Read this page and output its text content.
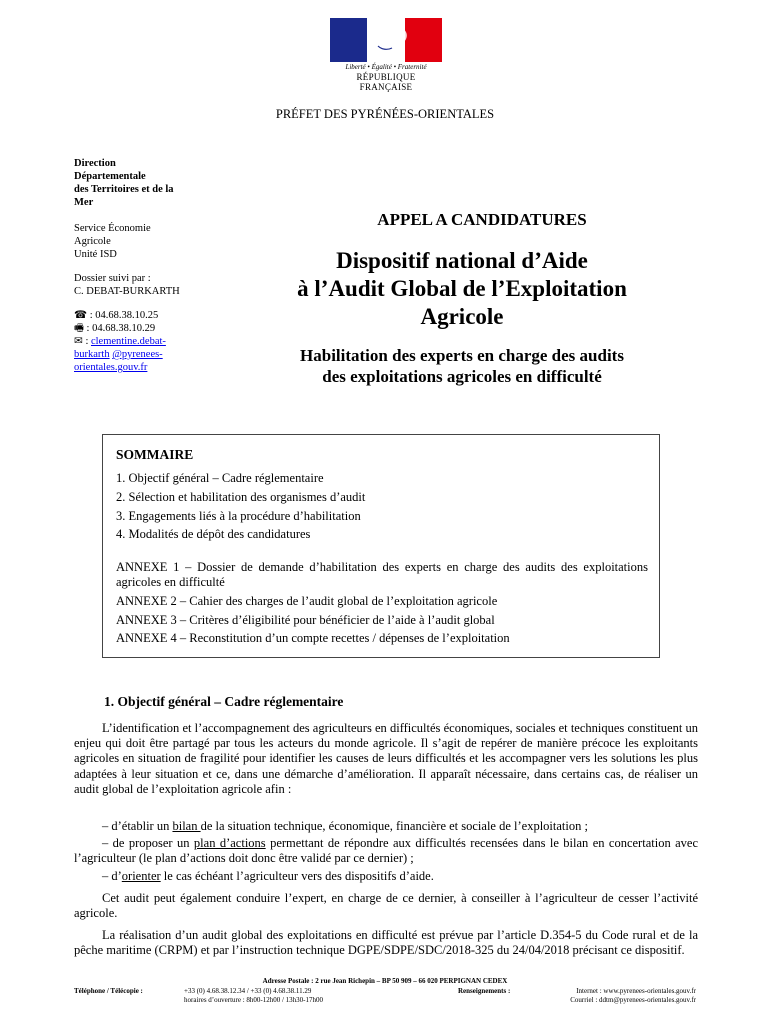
Liberté • Égalité • Fraternité
RÉPUBLIQUE FRANÇAISE
PRÉFET DES PYRÉNÉES-ORIENTALES
Direction
Départementale
des Territoires et de la
Mer
Service Économie
Agricole
Unité ISD
Dossier suivi par :
C. DEBAT-BURKARTH
☎ : 04.68.38.10.25
🖷 : 04.68.38.10.29
✉ : clementine.debat-
burkarth @pyrenees-
orientales.gouv.fr
APPEL A CANDIDATURES
Dispositif national d’Aide
à l’Audit Global de l’Exploitation
Agricole
Habilitation des experts en charge des audits
des exploitations agricoles en difficulté
SOMMAIRE
1. Objectif général – Cadre réglementaire
2. Sélection et habilitation des organismes d’audit
3. Engagements liés à la procédure d’habilitation
4. Modalités de dépôt des candidatures
ANNEXE 1 – Dossier de demande d’habilitation des experts en charge des audits des exploitations agricoles en difficulté
ANNEXE 2 – Cahier des charges de l’audit global de l’exploitation agricole
ANNEXE 3 – Critères d’éligibilité pour bénéficier de l’aide à l’audit global
ANNEXE 4 – Reconstitution d’un compte recettes / dépenses de l’exploitation
1. Objectif général – Cadre réglementaire
L’identification et l’accompagnement des agriculteurs en difficultés économiques, sociales et techniques constituent un enjeu qui doit être partagé par tous les acteurs du monde agricole. Il s’agit de repérer de manière précoce les exploitants agricoles en situation de fragilité pour identifier les causes de leurs difficultés et les accompagner vers les solutions les plus adaptées à leur situation et ce, dans une démarche d’amélioration. Il apparaît nécessaire, dans certains cas, de réaliser un audit global de l’exploitation agricole afin :
– d’établir un bilan de la situation technique, économique, financière et sociale de l’exploitation ;
– de proposer un plan d’actions permettant de répondre aux difficultés recensées dans le bilan en concertation avec l’agriculteur (le plan d’actions doit donc être validé par ce dernier) ;
– d’orienter le cas échéant l’agriculteur vers des dispositifs d’aide.
Cet audit peut également conduire l’expert, en charge de ce dernier, à conseiller à l’agriculteur de cesser l’activité agricole.
La réalisation d’un audit global des exploitations en difficulté est prévue par l’article D.354-5 du Code rural et de la pêche maritime (CRPM) et par l’instruction technique DGPE/SDPE/SDC/2018-325 du 24/04/2018 précisant ce dispositif.
Adresse Postale : 2 rue Jean Richepin – BP 50 909 – 66 020 PERPIGNAN CEDEX
Téléphone / Télécopie :	+33 (0) 4.68.38.12.34 / +33 (0) 4.68.38.11.29
horaires d’ouverture : 8h00-12h00 / 13h30-17h00
Renseignements :	Internet : www.pyrenees-orientales.gouv.fr
Courriel : ddtm@pyrenees-orientales.gouv.fr
